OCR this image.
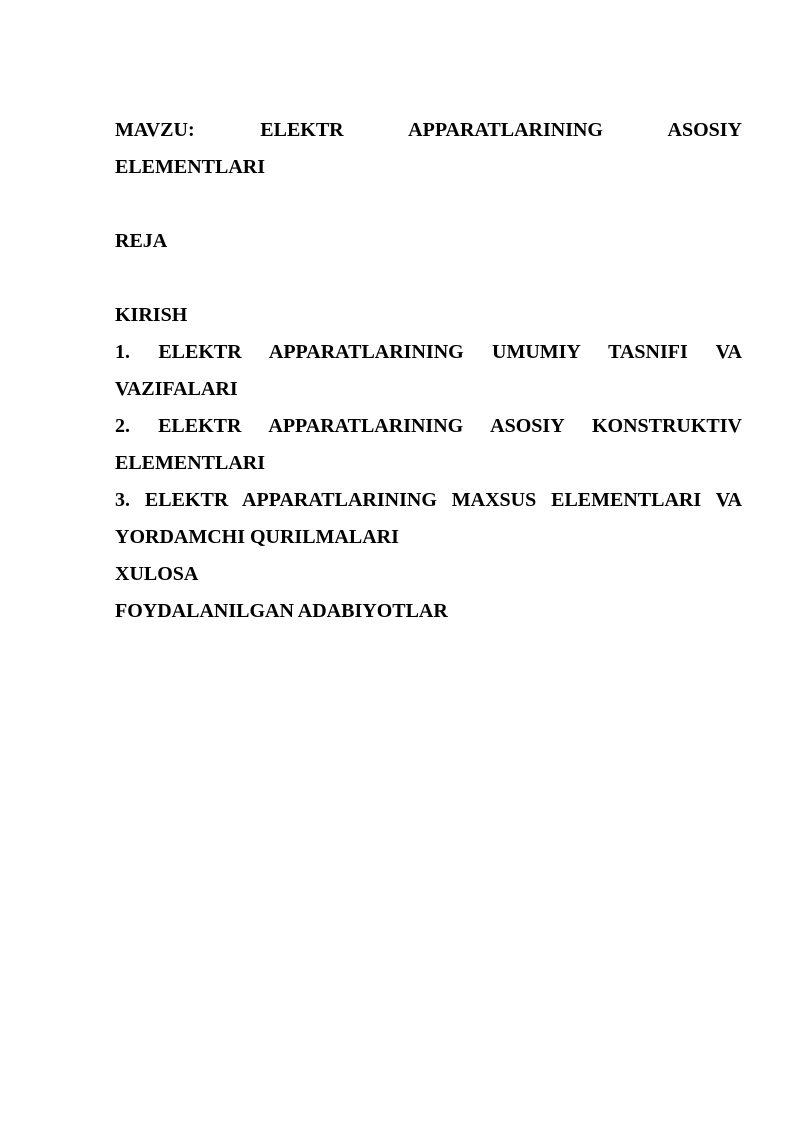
MAVZU: ELEKTR APPARATLARINING ASOSIY

ELEMENTLARI

REJA

KIRISH

1. ELEKTR APPARATLARINING UMUMIY TASNIFI VA

VAZIFALARI

2. ELEKTR APPARATLARINING ASOSIY KONSTRUKTIV

ELEMENTLARI

3. ELEKTR APPARATLARINING MAXSUS ELEMENTLARI VA

YORDAMCHI QURILMALARI

XULOSA

FOYDALANILGAN ADABIYOTLAR
